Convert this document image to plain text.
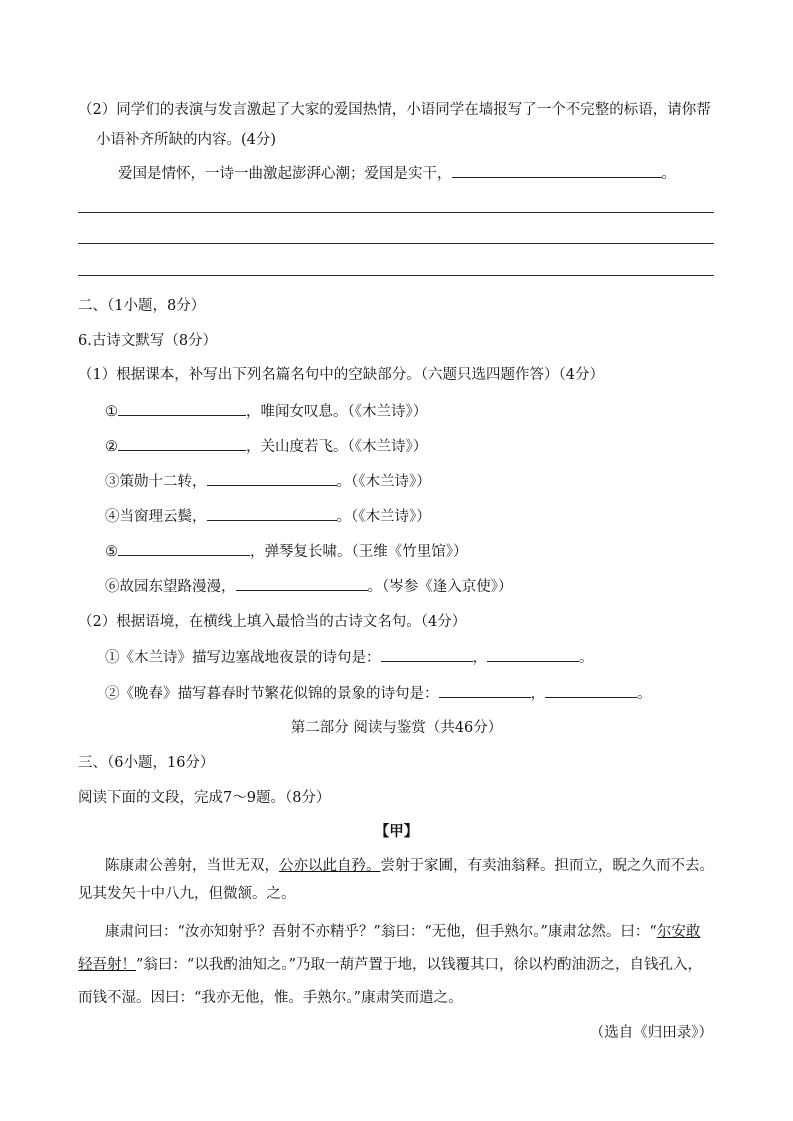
（2）同学们的表演与发言激起了大家的爱国热情，小语同学在墙报写了一个不完整的标语，请你帮
小语补齐所缺的内容。(4分)
爱国是情怀，一诗一曲激起澎湃心潮；爱国是实干，	。
二、（1小题，8分）
6.古诗文默写（8分）
（1）根据课本，补写出下列名篇名句中的空缺部分。（六题只选四题作答）（4分）
①	，唯闻女叹息。（《木兰诗》）
②	，关山度若飞。（《木兰诗》）
③策勋十二转，	。（《木兰诗》）
④当窗理云鬓，	。（《木兰诗》）
⑤	，弹琴复长啸。（王维《竹里馆》）
⑥故园东望路漫漫，	。（岑参《逢入京使》）
（2）根据语境，在横线上填入最恰当的古诗文名句。（4分）
①《木兰诗》描写边塞战地夜景的诗句是：	，	。
②《晚春》描写暮春时节繁花似锦的景象的诗句是：	，	。
第二部分 阅读与鉴赏（共46分）
三、（6小题，16分）
阅读下面的文段，完成7～9题。（8分）
【甲】
陈康肃公善射，当世无双，公亦以此自矜。尝射于家圃，有卖油翁释。担而立，睨之久而不去。
见其发矢十中八九，但微颔。之。
康肃问曰：“汝亦知射乎？吾射不亦精乎？”翁曰：“无他，但手熟尔。”康肃忿然。曰：“尔安敢
轻吾射！”翁曰：“以我酌油知之。”乃取一葫芦置于地，以钱覆其口，徐以杓酌油沥之，自钱孔入，
而钱不湿。因曰：“我亦无他，惟。手熟尔。”康肃笑而遣之。
（选自《归田录》）
